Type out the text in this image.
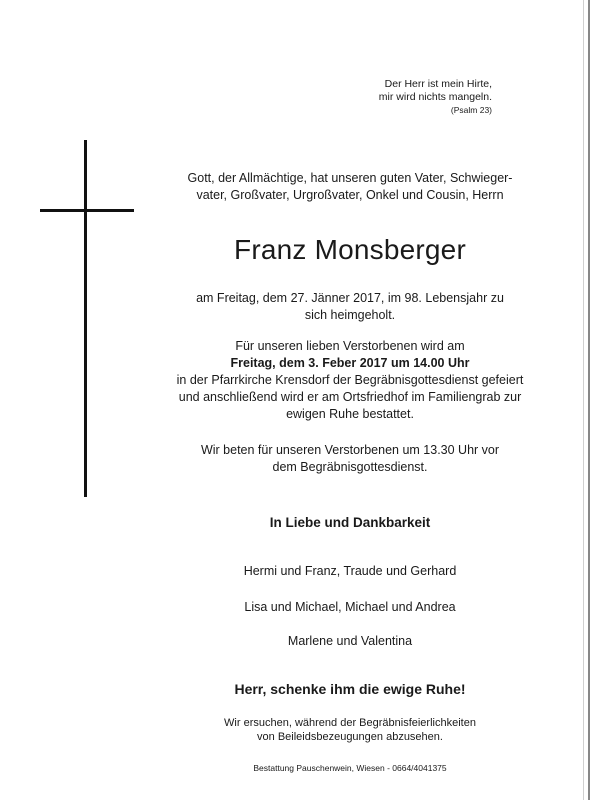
Der Herr ist mein Hirte,
mir wird nichts mangeln.
(Psalm 23)
Gott, der Allmächtige, hat unseren guten Vater, Schwieger-
vater, Großvater, Urgroßvater, Onkel und Cousin, Herrn
Franz Monsberger
am Freitag, dem 27. Jänner 2017, im 98. Lebensjahr zu
sich heimgeholt.
Für unseren lieben Verstorbenen wird am
Freitag, dem 3. Feber 2017 um 14.00 Uhr
in der Pfarrkirche Krensdorf der Begräbnisgottesdienst gefeiert
und anschließend wird er am Ortsfriedhof im Familiengrab zur
ewigen Ruhe bestattet.
Wir beten für unseren Verstorbenen um 13.30 Uhr vor
dem Begräbnisgottesdienst.
In Liebe und Dankbarkeit
Hermi und Franz, Traude und Gerhard
Lisa und Michael, Michael und Andrea
Marlene und Valentina
Herr, schenke ihm die ewige Ruhe!
Wir ersuchen, während der Begräbnisfeierlichkeiten
von Beileidsbezeugungen abzusehen.
Bestattung Pauschenwein, Wiesen - 0664/4041375
